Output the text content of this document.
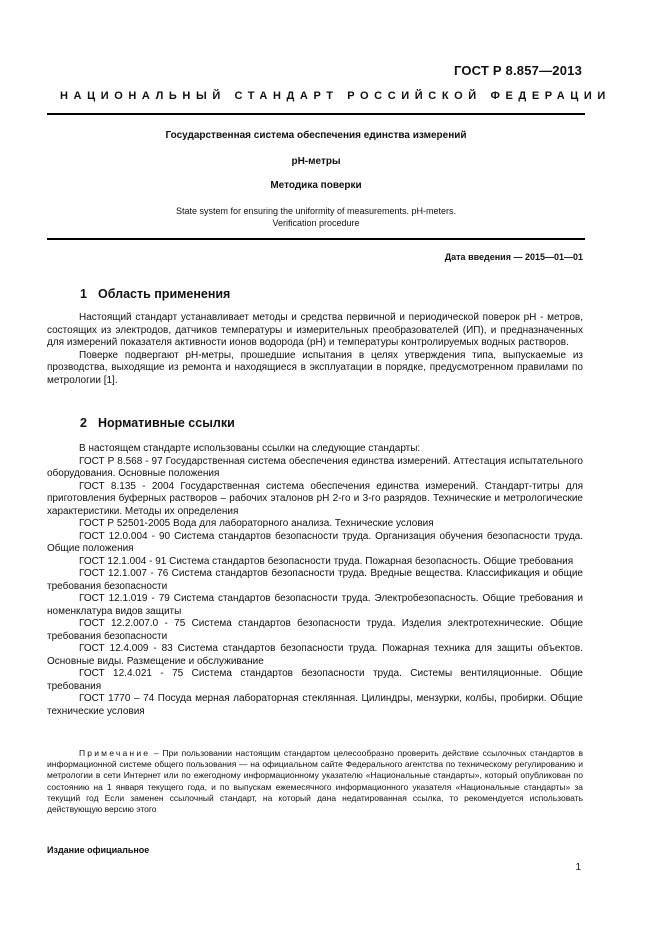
ГОСТ Р 8.857—2013
НАЦИОНАЛЬНЫЙ СТАНДАРТ РОССИЙСКОЙ ФЕДЕРАЦИИ
Государственная система обеспечения единства измерений
рН-метры
Методика поверки
State system for ensuring the uniformity of measurements. pH-meters.
Verification procedure
Дата введения — 2015—01—01
1 Область применения

Настоящий стандарт устанавливает методы и средства первичной и периодической поверок рН - метров, состоящих из электродов, датчиков температуры и измерительных преобразователей (ИП), и предназначенных для измерений показателя активности ионов водорода (рН) и температуры контролируемых водных растворов.

Поверке подвергают рН-метры, прошедшие испытания в целях утверждения типа, выпускаемые из прозводства, выходящие из ремонта и находящиеся в эксплуатации в порядке, предусмотренном правилами по метрологии [1].

2 Нормативные ссылки

В настоящем стандарте использованы ссылки на следующие стандарты:

ГОСТ Р 8.568 - 97 Государственная система обеспечения единства измерений. Аттестация испытательного оборудования. Основные положения

ГОСТ 8.135 - 2004 Государственная система обеспечения единства измерений. Стандарт-титры для приготовления буферных растворов – рабочих эталонов рН 2-го и 3-го разрядов. Технические и метрологические характеристики. Методы их определения

ГОСТ Р 52501-2005 Вода для лабораторного анализа. Технические условия

ГОСТ 12.0.004 - 90 Система стандартов безопасности труда. Организация обучения безопасности труда. Общие положения

ГОСТ 12.1.004 - 91 Система стандартов безопасности труда. Пожарная безопасность. Общие требования

ГОСТ 12.1.007 - 76 Система стандартов безопасности труда. Вредные вещества. Классификация и общие требования безопасности

ГОСТ 12.1.019 - 79 Система стандартов безопасности труда. Электробезопасность. Общие требования и номенклатура видов защиты

ГОСТ 12.2.007.0 - 75 Система стандартов безопасности труда. Изделия электротехнические. Общие требования безопасности

ГОСТ 12.4.009 - 83 Система стандартов безопасности труда. Пожарная техника для защиты объектов. Основные виды. Размещение и обслуживание

ГОСТ 12.4.021 - 75 Система стандартов безопасности труда. Системы вентиляционные. Общие требования

ГОСТ 1770 – 74 Посуда мерная лабораторная стеклянная. Цилиндры, мензурки, колбы, пробирки. Общие технические условия

Примечание – При пользовании настоящим стандартом целесообразно проверить действие ссылочных стандартов в информационной системе общего пользования — на официальном сайте Федерального агентства по техническому регулированию и метрологии в сети Интернет или по ежегодному информационному указателю «Национальные стандарты», который опубликован по состоянию на 1 января текущего года, и по выпускам ежемесячного информационного указателя «Национальные стандарты» за текущий год Если заменен ссылочный стандарт, на который дана недатированная ссылка, то рекомендуется использовать действующую версию этого

Издание официальное
1
